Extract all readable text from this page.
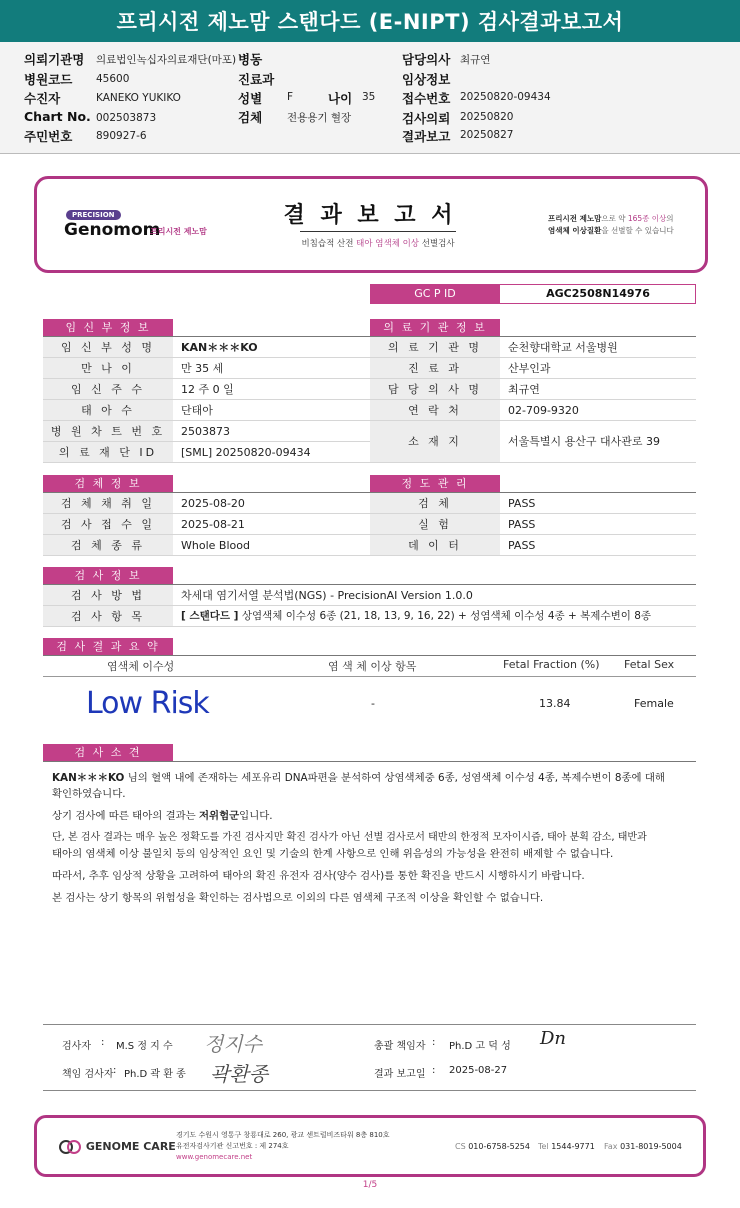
프리시전 제노맘 스탠다드 (E-NIPT) 검사결과보고서
의뢰기관명 의료법인녹십자의료재단(마포)
병원코드 45600
수진자	KANEKO YUKIKO
Chart No. 002503873
주민번호 890927-6
병동
진료과
성별 F	나이 35
검체 전용용기 혈장
담당의사 최규연
임상정보
접수번호 20250820-09434
검사의뢰 20250820
결과보고 20250827
PRECISION
Genomom
프리시전 제노맘
결 과 보 고 서
비침습적 산전 태아 염색체 이상 선별검사
프리시전 제노맘으로 약 165종 이상의
염색체 이상질환을 선별할 수 있습니다
GC P ID	AGC2508N14976
임 신 부 정 보
임 신 부 성 명	KAN＊＊＊KO
만 나 이	만 35 세
임 신 주 수	12 주 0 일
태 아 수	단태아
병 원 차 트 번 호	2503873
의 료 재 단 ID	[SML] 20250820-09434
의 료 기 관 정 보
의 료 기 관 명	순천향대학교 서울병원
진 료 과	산부인과
담 당 의 사 명	최규연
연 락 처	02-709-9320
소 재 지	서울특별시 용산구 대사관로 39
검 체 정 보
검 체 채 취 일	2025-08-20
검 사 접 수 일	2025-08-21
검 체 종 류	Whole Blood
정 도 관 리
검 체	PASS
실 험	PASS
데 이 터	PASS
검 사 정 보
검 사 방 법	차세대 염기서열 분석법(NGS) - PrecisionAI Version 1.0.0
검 사 항 목	[ 스탠다드 ] 상염색체 이수성 6종 (21, 18, 13, 9, 16, 22) + 성염색체 이수성 4종 + 복제수변이 8종
검 사 결 과 요 약
염색체 이수성	염 색 체 이상 항목	Fetal Fraction (%) Fetal Sex
Low Risk	-	13.84	Female
검 사 소 견
KAN＊＊＊KO 님의 혈액 내에 존재하는 세포유리 DNA파편을 분석하여 상염색체중 6종, 성염색체 이수성 4종, 복제수변이 8종에 대해
확인하였습니다.
상기 검사에 따른 태아의 결과는 저위험군입니다.
단, 본 검사 결과는 매우 높은 정확도를 가진 검사지만 확진 검사가 아닌 선별 검사로서 태반의 한정적 모자이시즘, 태아 분획 감소, 태반과
태아의 염색체 이상 불일치 등의 임상적인 요인 및 기술의 한계 사항으로 인해 위음성의 가능성을 완전히 배제할 수 없습니다.
따라서, 추후 임상적 상황을 고려하여 태아의 확진 유전자 검사(양수 검사)를 통한 확진을 반드시 시행하시기 바랍니다.
본 검사는 상기 항목의 위험성을 확인하는 검사법으로 이외의 다른 염색체 구조적 이상을 확인할 수 없습니다.
검사자 : M.S 정 지 수 정지수
책임 검사자 : Ph.D 곽 환 종 곽환종
총괄 책임자 : Ph.D 고 덕 성 Dn
결과 보고일 : 2025-08-27
GENOME CARE
경기도 수원시 영통구 창룡대로 260, 광교 센트럴비즈타워 8층 810호
유전자검사기관 신고번호 : 제 274호
www.genomecare.net
CS 010-6758-5254 Tel 1544-9771 Fax 031-8019-5004
1/5
